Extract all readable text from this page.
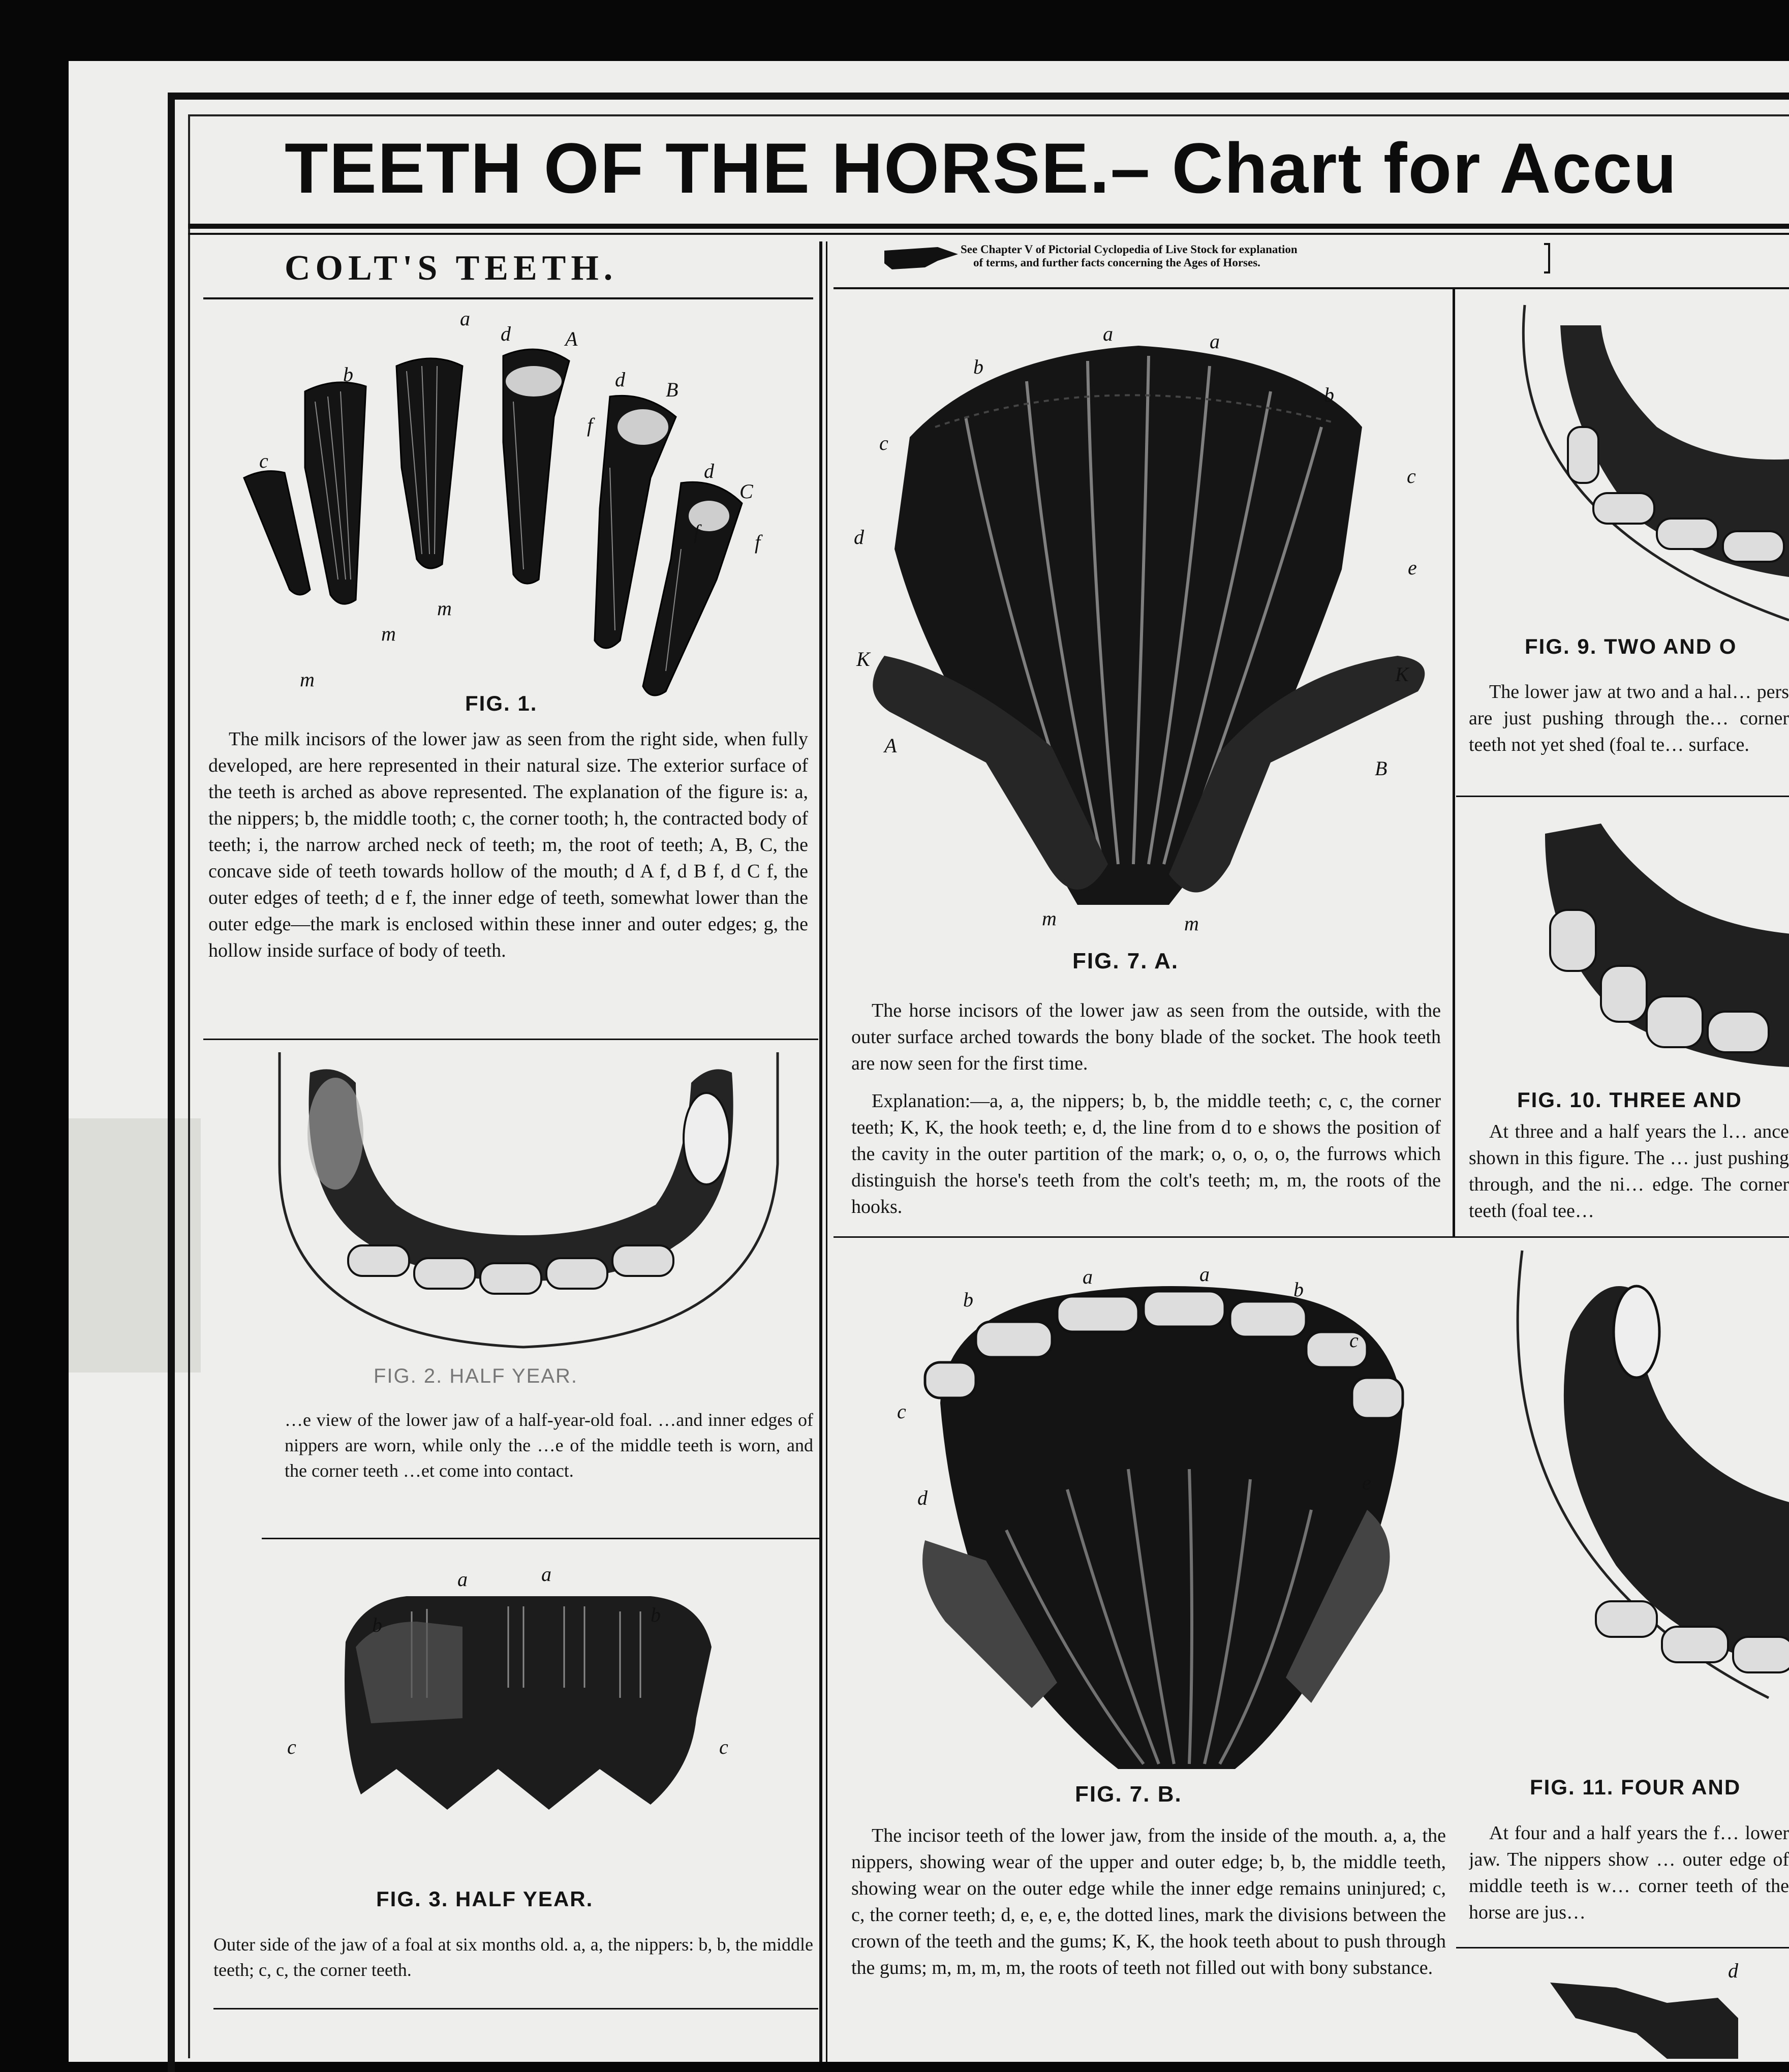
TEETH OF THE HORSE.– Chart for Accu
COLT'S TEETH.	See Chapter V of Pictorial Cyclopedia of Live Stock for explanation
of terms, and further facts concerning the Ages of Horses.
a
b
c
d	A
d B
d
C
f
f	f
m
m
m
FIG. 1.
The milk incisors of the lower jaw as seen from the right side, when fully developed, are here represented in their natural size. The exterior surface of the teeth is arched as above represented. The explanation of the figure is: a, the nippers; b, the middle tooth; c, the corner tooth; h, the contracted body of teeth; i, the narrow arched neck of teeth; m, the root of teeth; A, B, C, the concave side of teeth towards hollow of the mouth; d A f, d B f, d C f, the outer edges of teeth; d e f, the inner edge of teeth, somewhat lower than the outer edge—the mark is enclosed within these inner and outer edges; g, the hollow inside surface of body of teeth.
FIG. 2. HALF YEAR.
…e view of the lower jaw of a half-year-old foal. …and inner edges of nippers are worn, while only the …e of the middle teeth is worn, and the corner teeth …et come into contact.
a	a
b	b
c	c
FIG. 3. HALF YEAR.
Outer side of the jaw of a foal at six months old. a, a, the nippers: b, b, the middle teeth; c, c, the corner teeth.
a	a
b
b
c
c
d
e
K
K
A
B
m	m
FIG. 7. A.
The horse incisors of the lower jaw as seen from the outside, with the outer surface arched towards the bony blade of the socket. The hook teeth are now seen for the first time.
Explanation:—a, a, the nippers; b, b, the middle teeth; c, c, the corner teeth; K, K, the hook teeth; e, d, the line from d to e shows the position of the cavity in the outer partition of the mark; o, o, o, o, the furrows which distinguish the horse's teeth from the colt's teeth; m, m, the roots of the hooks.
a	a
b	b
c
c
d
e
FIG. 7. B.
The incisor teeth of the lower jaw, from the inside of the mouth. a, a, the nippers, showing wear of the upper and outer edge; b, b, the middle teeth, showing wear on the outer edge while the inner edge remains uninjured; c, c, the corner teeth; d, e, e, e, the dotted lines, mark the divisions between the crown of the teeth and the gums; K, K, the hook teeth about to push through the gums; m, m, m, m, the roots of teeth not filled out with bony substance.
FIG. 9. TWO AND O
The lower jaw at two and a hal… pers are just pushing through the… corner teeth not yet shed (foal te… surface.
FIG. 10. THREE AND
At three and a half years the l… ance shown in this figure. The … just pushing through, and the ni… edge. The corner teeth (foal tee…
FIG. 11. FOUR AND
At four and a half years the f… lower jaw. The nippers show … outer edge of middle teeth is w… corner teeth of the horse are jus…
d
